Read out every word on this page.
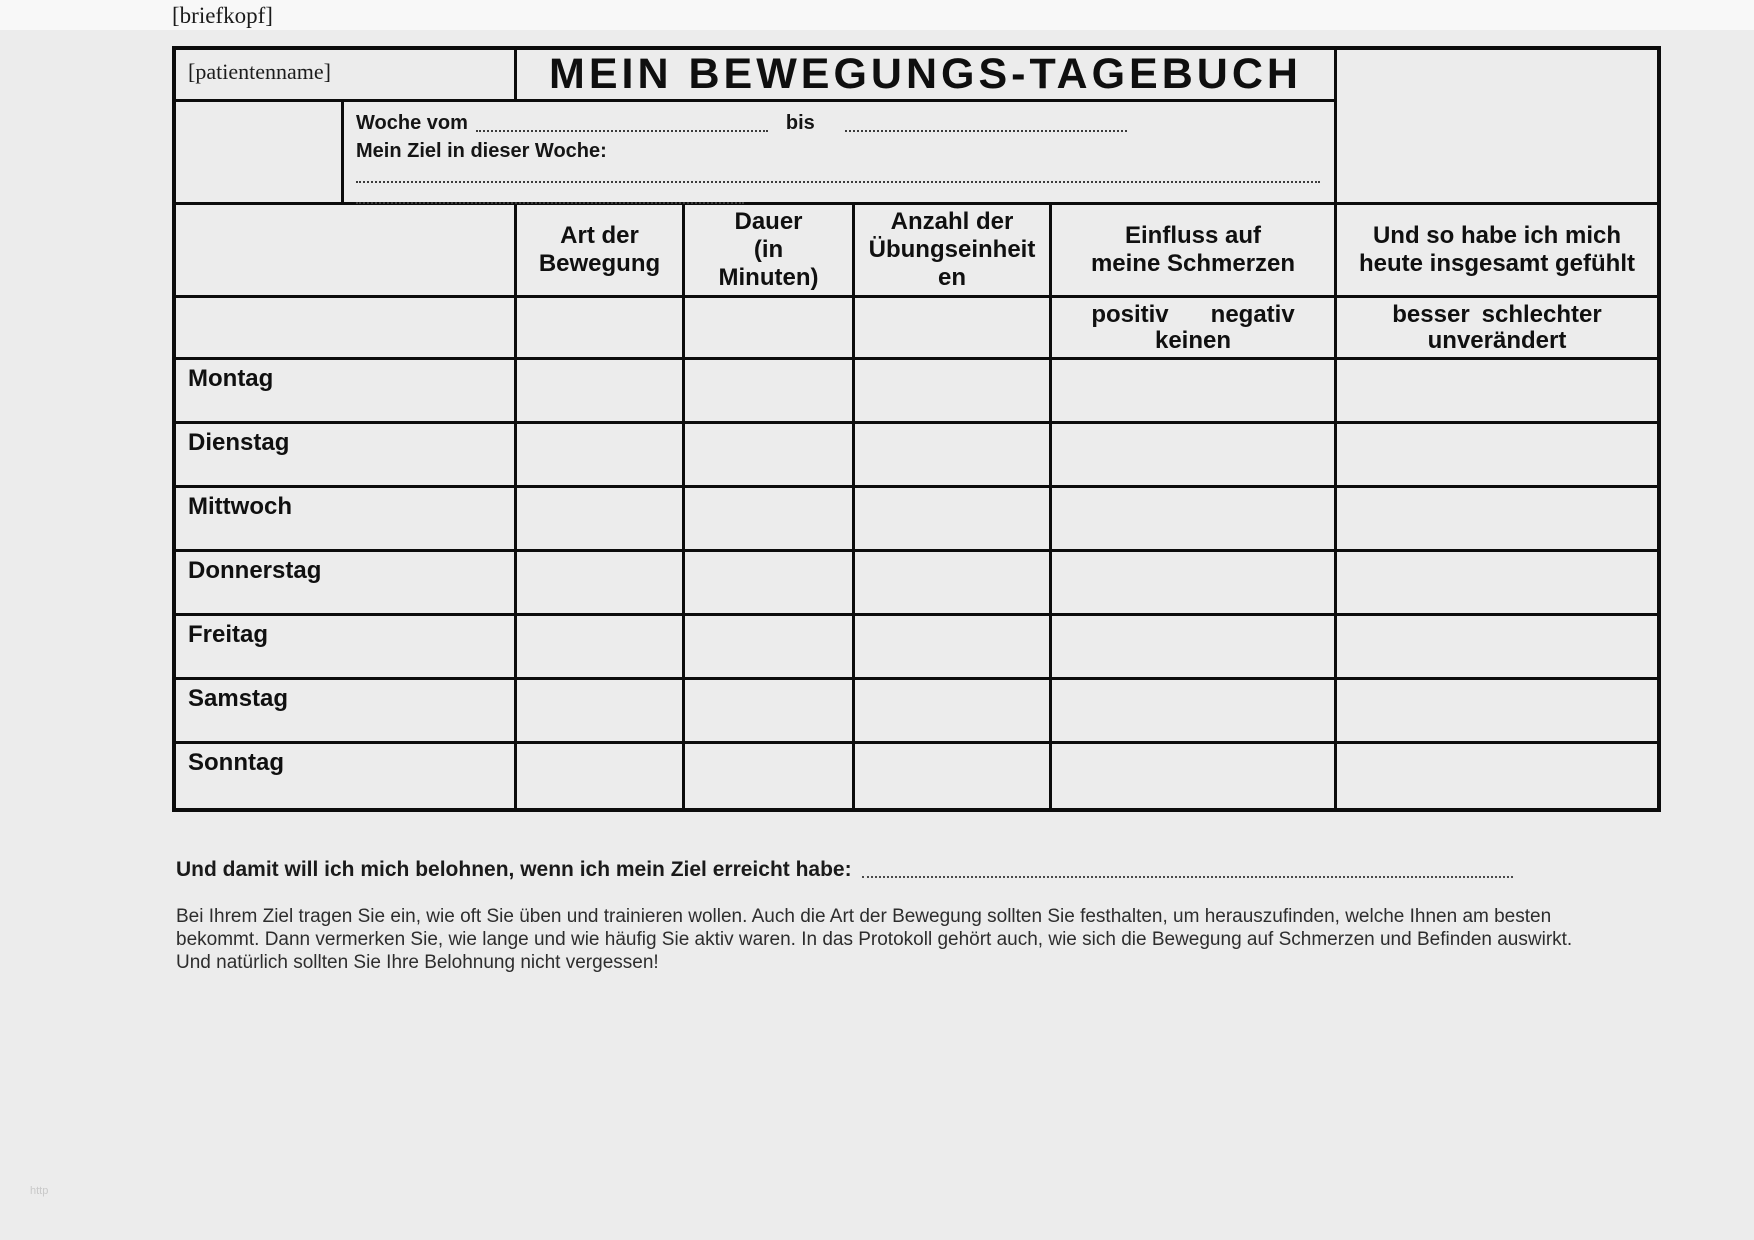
[briefkopf]
[patientenname]	MEIN BEWEGUNGS-TAGEBUCH
Woche vom	bis
Mein Ziel in dieser Woche:
Art der
Bewegung
Dauer
(in
Minuten)
Anzahl der
Übungseinheit
en
Einfluss auf
meine Schmerzen
Und so habe ich mich
heute insgesamt gefühlt
positiv negativ
keinen
besser schlechter
unverändert
Montag
Dienstag
Mittwoch
Donnerstag
Freitag
Samstag
Sonntag
Und damit will ich mich belohnen, wenn ich mein Ziel erreicht habe:
Bei Ihrem Ziel tragen Sie ein, wie oft Sie üben und trainieren wollen. Auch die Art der Bewegung sollten Sie festhalten, um herauszufinden, welche Ihnen am besten
bekommt. Dann vermerken Sie, wie lange und wie häufig Sie aktiv waren. In das Protokoll gehört auch, wie sich die Bewegung auf Schmerzen und Befinden auswirkt.
Und natürlich sollten Sie Ihre Belohnung nicht vergessen!
http
